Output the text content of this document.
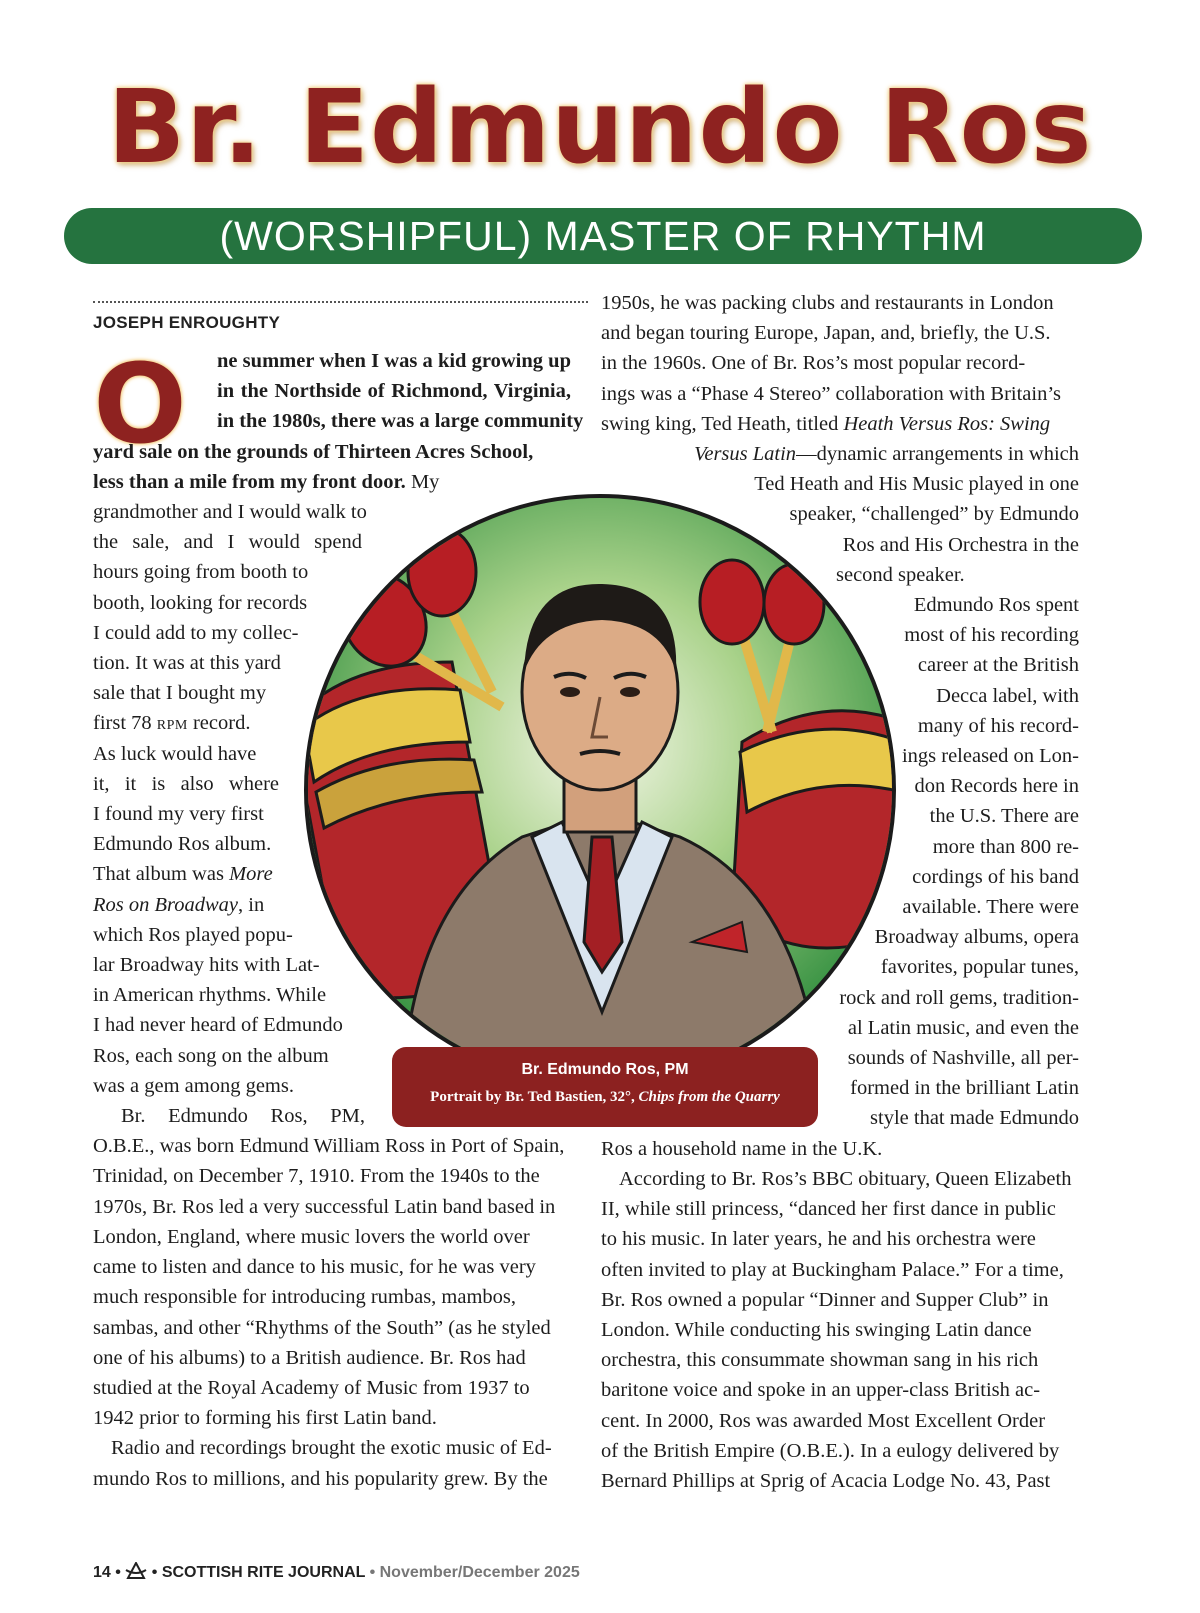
Br. Edmundo Ros
(WORSHIPFUL) MASTER OF RHYTHM
JOSEPH ENROUGHTY
O ne summer when I was a kid growing up
in the Northside of Richmond, Virginia,
in the 1980s, there was a large community
yard sale on the grounds of Thirteen Acres School,
less than a mile from my front door. My
grandmother and I would walk to
the sale, and I would spend
hours going from booth to
booth, looking for records
I could add to my collec-
tion. It was at this yard
sale that I bought my
first 78 rpm record.
As luck would have
it, it is also where
I found my very first
Edmundo Ros album.
That album was More
Ros on Broadway, in
which Ros played popu-
lar Broadway hits with Lat-
in American rhythms. While
I had never heard of Edmundo
Ros, each song on the album
was a gem among gems.
Br. Edmundo Ros, PM,
O.B.E., was born Edmund William Ross in Port of Spain,
Trinidad, on December 7, 1910. From the 1940s to the
1970s, Br. Ros led a very successful Latin band based in
London, England, where music lovers the world over
came to listen and dance to his music, for he was very
much responsible for introducing rumbas, mambos,
sambas, and other “Rhythms of the South” (as he styled
one of his albums) to a British audience. Br. Ros had
studied at the Royal Academy of Music from 1937 to
1942 prior to forming his first Latin band.
Radio and recordings brought the exotic music of Ed-
mundo Ros to millions, and his popularity grew. By the
1950s, he was packing clubs and restaurants in London
and began touring Europe, Japan, and, briefly, the U.S.
in the 1960s. One of Br. Ros’s most popular record-
ings was a “Phase 4 Stereo” collaboration with Britain’s
swing king, Ted Heath, titled Heath Versus Ros: Swing
Versus Latin—dynamic arrangements in which
Ted Heath and His Music played in one
speaker, “challenged” by Edmundo
Ros and His Orchestra in the
second speaker.
Edmundo Ros spent
most of his recording
career at the British
Decca label, with
many of his record-
ings released on Lon-
don Records here in
the U.S. There are
more than 800 re-
cordings of his band
available. There were
Broadway albums, opera
favorites, popular tunes,
rock and roll gems, tradition-
al Latin music, and even the
sounds of Nashville, all per-
formed in the brilliant Latin
style that made Edmundo
Ros a household name in the U.K.
According to Br. Ros’s BBC obituary, Queen Elizabeth
II, while still princess, “danced her first dance in public
to his music. In later years, he and his orchestra were
often invited to play at Buckingham Palace.” For a time,
Br. Ros owned a popular “Dinner and Supper Club” in
London. While conducting his swinging Latin dance
orchestra, this consummate showman sang in his rich
baritone voice and spoke in an upper-class British ac-
cent. In 2000, Ros was awarded Most Excellent Order
of the British Empire (O.B.E.). In a eulogy delivered by
Bernard Phillips at Sprig of Acacia Lodge No. 43, Past
Br. Edmundo Ros, PM
Portrait by Br. Ted Bastien, 32°, Chips from the Quarry
14 • • SCOTTISH RITE JOURNAL • November/December 2025
